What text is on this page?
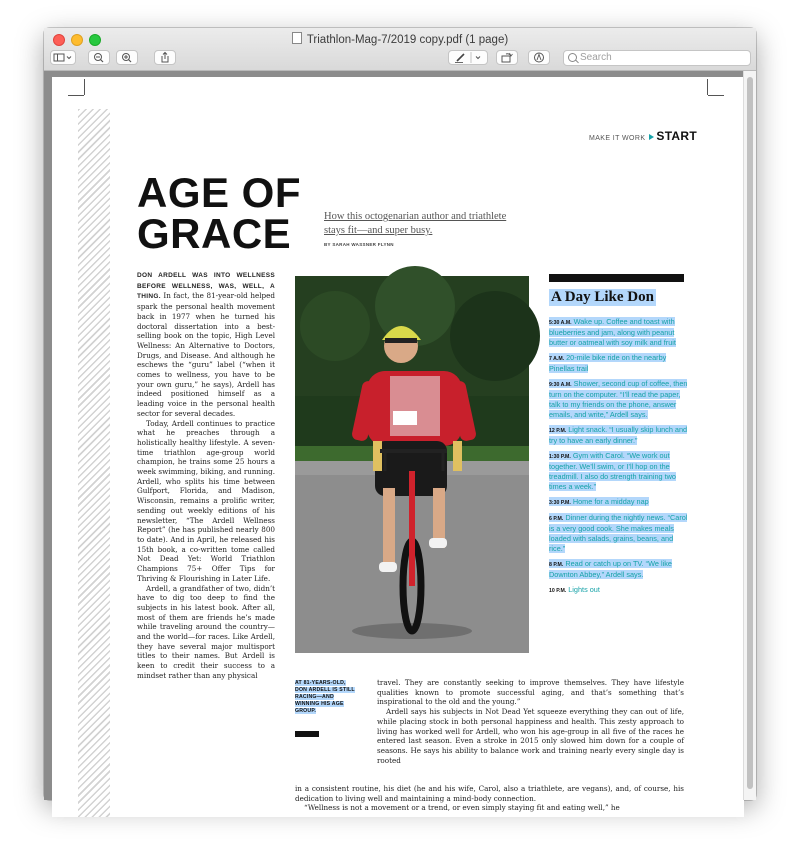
Triathlon-Mag-7/2019 copy.pdf (1 page)
Search
MAKE IT WORK START
AGE OF
GRACE	How this octogenarian author and triathlete stays fit—and super busy.
BY SARAH WASSNER FLYNN

DON ARDELL WAS INTO WELLNESS BEFORE WELLNESS, WAS, WELL, A THING. In fact, the 81-year-old helped spark the personal health movement back in 1977 when he turned his doctoral dissertation into a best-selling book on the topic, High Level Wellness: An Alternative to Doctors, Drugs, and Disease. And although he eschews the “guru” label (“when it comes to wellness, you have to be your own guru,” he says), Ardell has indeed positioned himself as a leading voice in the personal health sector for several decades.

Today, Ardell continues to practice what he preaches through a holistically healthy lifestyle. A seven-time triathlon age-group world champion, he trains some 25 hours a week swimming, biking, and running. Ardell, who splits his time between Gulfport, Florida, and Madison, Wisconsin, remains a prolific writer, sending out weekly editions of his newsletter, “The Ardell Wellness Report” (he has published nearly 800 to date). And in April, he released his 15th book, a co-written tome called Not Dead Yet: World Triathlon Champions 75+ Offer Tips for Thriving & Flourishing in Later Life.

Ardell, a grandfather of two, didn’t have to dig too deep to find the subjects in his latest book. After all, most of them are friends he’s made while traveling around the country—and the world—for races. Like Ardell, they have several major multisport titles to their names. But Ardell is keen to credit their success to a mindset rather than any physical

A Day Like Don
5:30 A.M. Wake up. Coffee and toast with blueberries and jam, along with peanut butter or oatmeal with soy milk and fruit
7 A.M. 20-mile bike ride on the nearby Pinellas trail
9:30 A.M. Shower, second cup of coffee, then turn on the computer. “I’ll read the paper, talk to my friends on the phone, answer emails, and write,” Ardell says.
12 P.M. Light snack. “I usually skip lunch and try to have an early dinner.”
1:30 P.M. Gym with Carol. “We work out together. We’ll swim, or I’ll hop on the treadmill. I also do strength training two times a week.”
3:30 P.M. Home for a midday nap
6 P.M. Dinner during the nightly news. “Carol is a very good cook. She makes meals loaded with salads, grains, beans, and rice.”
8 P.M. Read or catch up on TV. “We like Downton Abbey,” Ardell says.
10 P.M. Lights out
AT 81-YEARS-OLD, DON ARDELL IS STILL RACING—AND WINNING HIS AGE GROUP.

travel. They are constantly seeking to improve themselves. They have lifestyle qualities known to promote successful aging, and that’s something that’s inspirational to the old and the young.”

Ardell says his subjects in Not Dead Yet squeeze everything they can out of life, while placing stock in both personal happiness and health. This zesty approach to living has worked well for Ardell, who won his age-group in all five of the races he entered last season. Even a stroke in 2015 only slowed him down for a couple of seasons. He says his ability to balance work and training nearly every single day is rooted

in a consistent routine, his diet (he and his wife, Carol, also a triathlete, are vegans), and, of course, his dedication to living well and maintaining a mind-body connection.

“Wellness is not a movement or a trend, or even simply staying fit and eating well,” he
